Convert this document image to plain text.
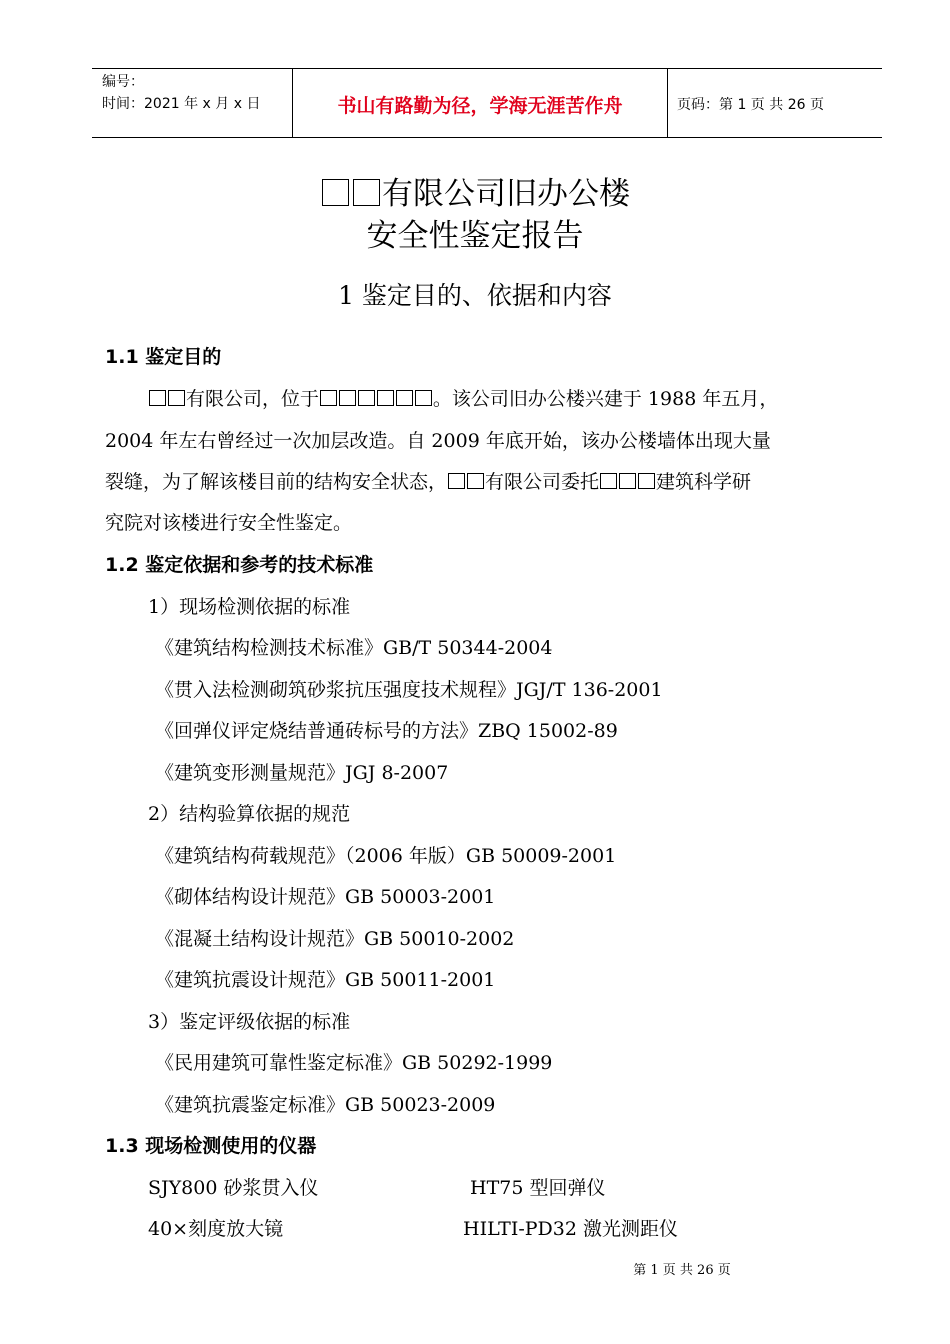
编号：
时间：2021 年 x 月 x 日	书山有路勤为径，学海无涯苦作舟	页码：第 1 页 共 26 页
有限公司旧办公楼
安全性鉴定报告
1 鉴定目的、依据和内容
1.1 鉴定目的
有限公司，位于	。该公司旧办公楼兴建于 1988 年五月，
2004 年左右曾经过一次加层改造。自 2009 年底开始，该办公楼墙体出现大量
裂缝，为了解该楼目前的结构安全状态， 有限公司委托	建筑科学研
究院对该楼进行安全性鉴定。
1.2 鉴定依据和参考的技术标准
1）现场检测依据的标准
《建筑结构检测技术标准》GB/T 50344-2004
《贯入法检测砌筑砂浆抗压强度技术规程》JGJ/T 136-2001
《回弹仪评定烧结普通砖标号的方法》ZBQ 15002-89
《建筑变形测量规范》JGJ 8-2007
2）结构验算依据的规范
《建筑结构荷载规范》（2006 年版）GB 50009-2001
《砌体结构设计规范》GB 50003-2001
《混凝土结构设计规范》GB 50010-2002
《建筑抗震设计规范》GB 50011-2001
3）鉴定评级依据的标准
《民用建筑可靠性鉴定标准》GB 50292-1999
《建筑抗震鉴定标准》GB 50023-2009
1.3 现场检测使用的仪器
SJY800 砂浆贯入仪	HT75 型回弹仪
40×刻度放大镜	HILTI-PD32 激光测距仪
第 1 页 共 26 页
